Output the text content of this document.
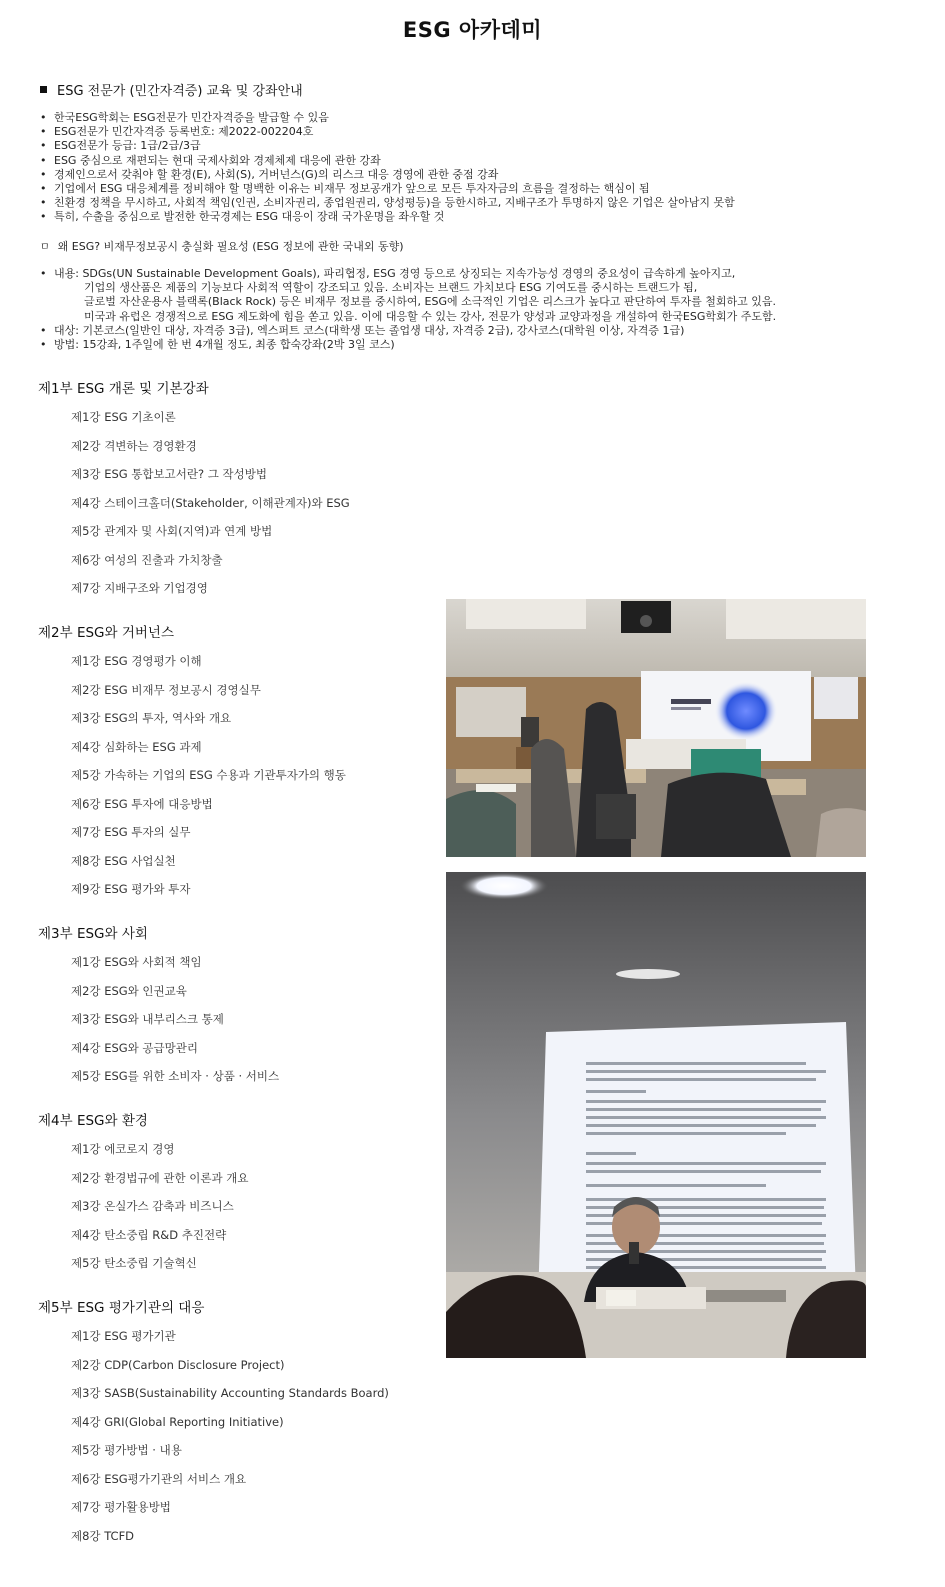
ESG 아카데미
ESG 전문가 (민간자격증) 교육 및 강좌안내
• 한국ESG학회는 ESG전문가 민간자격증을 발급할 수 있음
• ESG전문가 민간자격증 등록번호: 제2022-002204호
• ESG전문가 등급: 1급/2급/3급
• ESG 중심으로 재편되는 현대 국제사회와 경제체제 대응에 관한 강좌
• 경제인으로서 갖춰야 할 환경(E), 사회(S), 거버넌스(G)의 리스크 대응 경영에 관한 중점 강좌
• 기업에서 ESG 대응체계를 정비해야 할 명백한 이유는 비재무 정보공개가 앞으로 모든 투자자금의 흐름을 결정하는 핵심이 됨
• 친환경 정책을 무시하고, 사회적 책임(인권, 소비자권리, 종업원권리, 양성평등)을 등한시하고, 지배구조가 투명하지 않은 기업은 살아남지 못함
• 특히, 수출을 중심으로 발전한 한국경제는 ESG 대응이 장래 국가운명을 좌우할 것
ㅁ 왜 ESG? 비재무정보공시 충실화 필요성 (ESG 정보에 관한 국내외 동향)
• 내용: SDGs(UN Sustainable Development Goals), 파리협정, ESG 경영 등으로 상징되는 지속가능성 경영의 중요성이 급속하게 높아지고,
기업의 생산품은 제품의 기능보다 사회적 역할이 강조되고 있음. 소비자는 브랜드 가치보다 ESG 기여도를 중시하는 트랜드가 됨,
글로벌 자산운용사 블랙록(Black Rock) 등은 비재무 정보를 중시하여, ESG에 소극적인 기업은 리스크가 높다고 판단하여 투자를 철회하고 있음.
미국과 유럽은 경쟁적으로 ESG 제도화에 힘을 쏟고 있음. 이에 대응할 수 있는 강사, 전문가 양성과 교양과정을 개설하여 한국ESG학회가 주도함.
• 대상: 기본코스(일반인 대상, 자격증 3급), 엑스퍼트 코스(대학생 또는 졸업생 대상, 자격증 2급), 강사코스(대학원 이상, 자격증 1급)
• 방법: 15강좌, 1주일에 한 번 4개월 정도, 최종 합숙강좌(2박 3일 코스)
제1부 ESG 개론 및 기본강좌
제1강 ESG 기초이론
제2강 격변하는 경영환경
제3강 ESG 통합보고서란? 그 작성방법
제4강 스테이크홀더(Stakeholder, 이해관계자)와 ESG
제5강 관계자 및 사회(지역)과 연계 방법
제6강 여성의 진출과 가치창출
제7강 지배구조와 기업경영
제2부 ESG와 거버넌스
제1강 ESG 경영평가 이해
제2강 ESG 비재무 정보공시 경영실무
제3강 ESG의 투자, 역사와 개요
제4강 심화하는 ESG 과제
제5강 가속하는 기업의 ESG 수용과 기관투자가의 행동
제6강 ESG 투자에 대응방법
제7강 ESG 투자의 실무
제8강 ESG 사업실천
제9강 ESG 평가와 투자
제3부 ESG와 사회
제1강 ESG와 사회적 책임
제2강 ESG와 인권교육
제3강 ESG와 내부리스크 통제
제4강 ESG와 공급망관리
제5강 ESG를 위한 소비자 · 상품 · 서비스
제4부 ESG와 환경
제1강 에코로지 경영
제2강 환경법규에 관한 이론과 개요
제3강 온실가스 감축과 비즈니스
제4강 탄소중립 R&D 추진전략
제5강 탄소중립 기술혁신
제5부 ESG 평가기관의 대응
제1강 ESG 평가기관
제2강 CDP(Carbon Disclosure Project)
제3강 SASB(Sustainability Accounting Standards Board)
제4강 GRI(Global Reporting Initiative)
제5강 평가방법 · 내용
제6강 ESG평가기관의 서비스 개요
제7강 평가활용방법
제8강 TCFD
